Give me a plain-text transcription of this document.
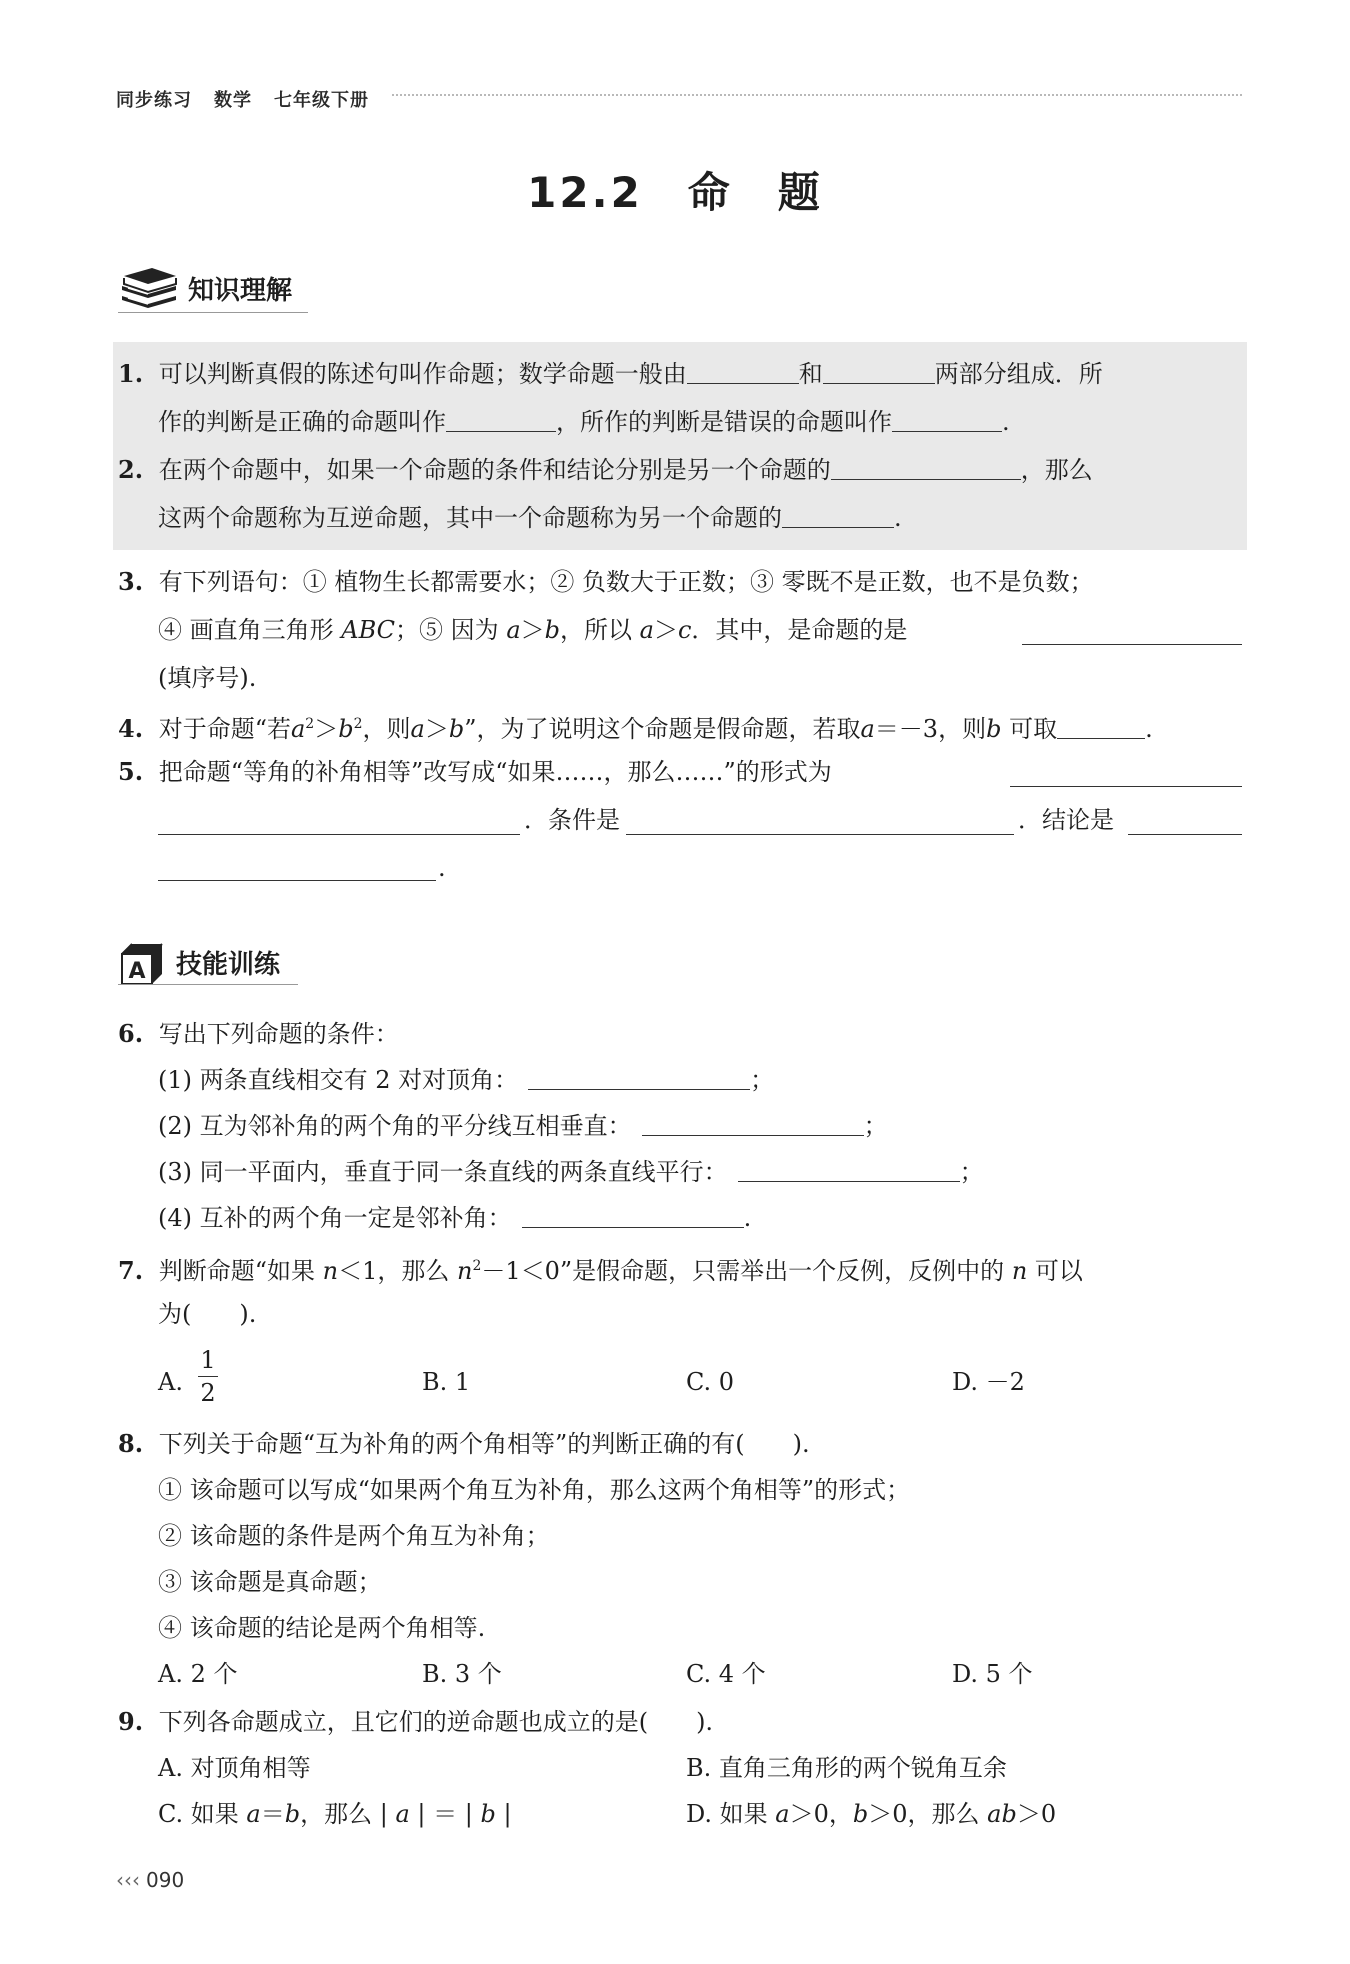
同步练习 数学 七年级下册
12.2　命　题
知识理解
1. 可以判断真假的陈述句叫作命题；数学命题一般由	和	两部分组成．所
作的判断是正确的命题叫作	，所作的判断是错误的命题叫作	.
2. 在两个命题中，如果一个命题的条件和结论分别是另一个命题的	，那么
这两个命题称为互逆命题，其中一个命题称为另一个命题的	.
3. 有下列语句：① 植物生长都需要水；② 负数大于正数；③ 零既不是正数，也不是负数；
④ 画直角三角形 ABC；⑤ 因为 a＞b，所以 a＞c．其中，是命题的是
(填序号).
4. 对于命题“若$a^2>b^2$，则a＞b”，为了说明这个命题是假命题，若取a＝－3，则b 可取	.
5. 把命题“等角的补角相等”改写成“如果……，那么……”的形式为
．条件是	．结论是
.
A 技能训练
6. 写出下列命题的条件：
(1) 两条直线相交有 2 对对顶角：	；
(2) 互为邻补角的两个角的平分线互相垂直：	；
(3) 同一平面内，垂直于同一条直线的两条直线平行：	；
(4) 互补的两个角一定是邻补角：	.
7. 判断命题“如果 n＜1，那么 $n^2-1<0$”是假命题，只需举出一个反例，反例中的 n 可以
为(　　).
A.
1
2	B. 1	C. 0	D. －2
8. 下列关于命题“互为补角的两个角相等”的判断正确的有(　　).
① 该命题可以写成“如果两个角互为补角，那么这两个角相等”的形式；
② 该命题的条件是两个角互为补角；
③ 该命题是真命题；
④ 该命题的结论是两个角相等.
A. 2 个	B. 3 个	C. 4 个	D. 5 个
9. 下列各命题成立，且它们的逆命题也成立的是(　　).
A. 对顶角相等	B. 直角三角形的两个锐角互余
C. 如果 a＝b，那么 | a | ＝ | b |	D. 如果 a＞0，b＞0，那么 ab＞0
‹‹‹ 090
